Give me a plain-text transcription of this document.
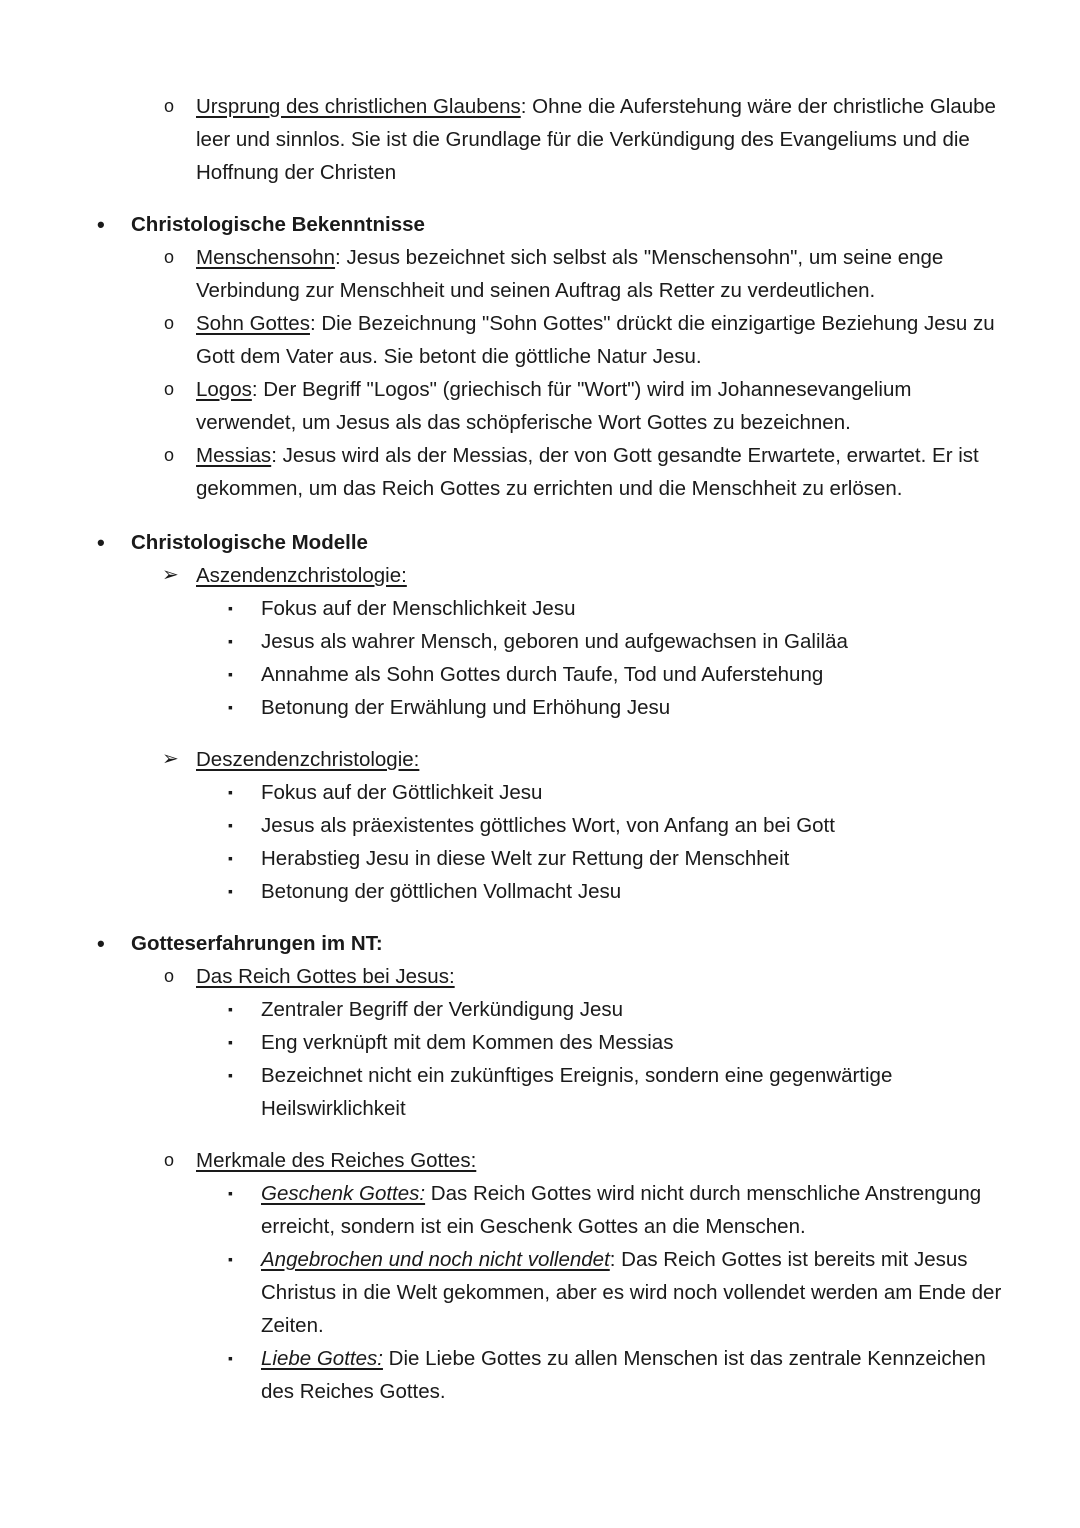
o Ursprung des christlichen Glaubens: Ohne die Auferstehung wäre der christliche Glaube leer und sinnlos. Sie ist die Grundlage für die Verkündigung des Evangeliums und die Hoffnung der Christen
• Christologische Bekenntnisse
o Menschensohn: Jesus bezeichnet sich selbst als "Menschensohn", um seine enge Verbindung zur Menschheit und seinen Auftrag als Retter zu verdeutlichen.
o Sohn Gottes: Die Bezeichnung "Sohn Gottes" drückt die einzigartige Beziehung Jesu zu Gott dem Vater aus. Sie betont die göttliche Natur Jesu.
o Logos: Der Begriff "Logos" (griechisch für "Wort") wird im Johannesevangelium verwendet, um Jesus als das schöpferische Wort Gottes zu bezeichnen.
o Messias: Jesus wird als der Messias, der von Gott gesandte Erwartete, erwartet. Er ist gekommen, um das Reich Gottes zu errichten und die Menschheit zu erlösen.
• Christologische Modelle
➢ Aszendenzchristologie:
▪ Fokus auf der Menschlichkeit Jesu
▪ Jesus als wahrer Mensch, geboren und aufgewachsen in Galiläa
▪ Annahme als Sohn Gottes durch Taufe, Tod und Auferstehung
▪ Betonung der Erwählung und Erhöhung Jesu
➢ Deszendenzchristologie:
▪ Fokus auf der Göttlichkeit Jesu
▪ Jesus als präexistentes göttliches Wort, von Anfang an bei Gott
▪ Herabstieg Jesu in diese Welt zur Rettung der Menschheit
▪ Betonung der göttlichen Vollmacht Jesu
• Gotteserfahrungen im NT:
o Das Reich Gottes bei Jesus:
▪ Zentraler Begriff der Verkündigung Jesu
▪ Eng verknüpft mit dem Kommen des Messias
▪ Bezeichnet nicht ein zukünftiges Ereignis, sondern eine gegenwärtige Heilswirklichkeit
o Merkmale des Reiches Gottes:
▪ Geschenk Gottes: Das Reich Gottes wird nicht durch menschliche Anstrengung erreicht, sondern ist ein Geschenk Gottes an die Menschen.
▪ Angebrochen und noch nicht vollendet: Das Reich Gottes ist bereits mit Jesus Christus in die Welt gekommen, aber es wird noch vollendet werden am Ende der Zeiten.
▪ Liebe Gottes: Die Liebe Gottes zu allen Menschen ist das zentrale Kennzeichen des Reiches Gottes.
